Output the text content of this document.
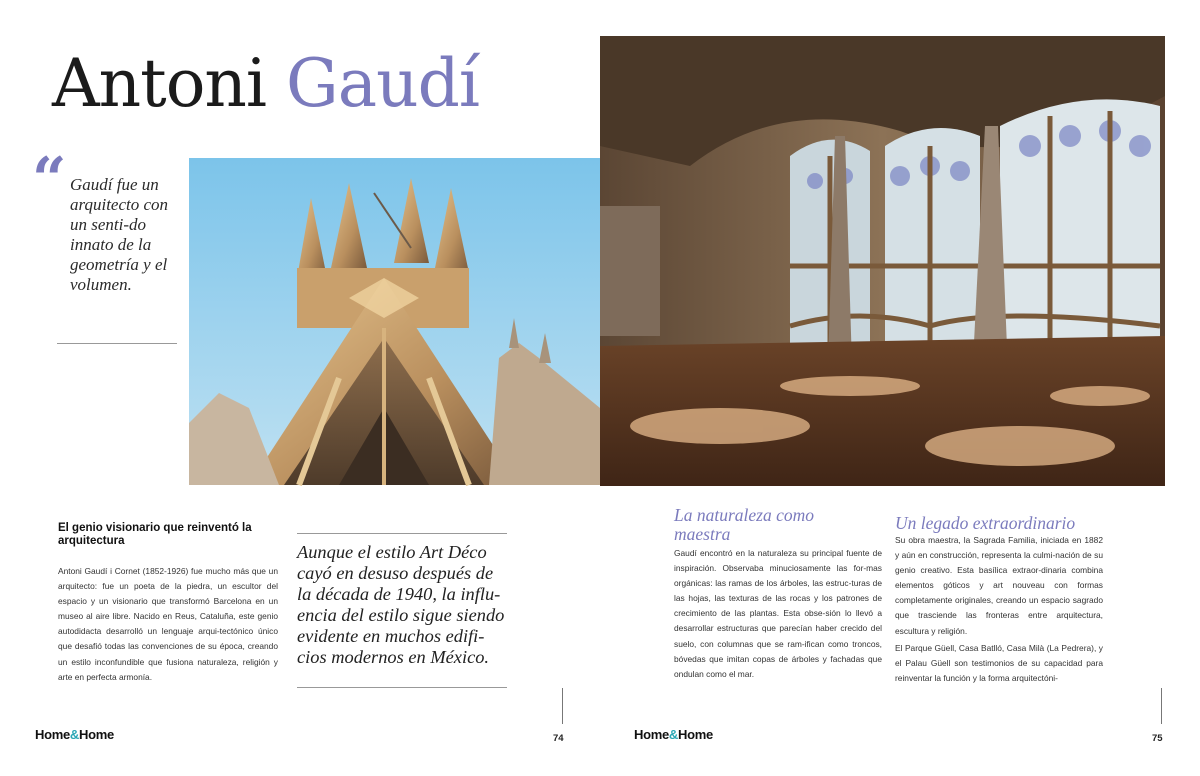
Antoni Gaudí
“ Gaudí fue un arquitecto con un senti-do innato de la geometría y el volumen.
El genio visionario que reinventó la arquitectura
Antoni Gaudí i Cornet (1852-1926) fue mucho más que un arquitecto: fue un poeta de la piedra, un escultor del espacio y un visionario que transformó Barcelona en un museo al aire libre. Nacido en Reus, Cataluña, este genio autodidacta desarrolló un lenguaje arqui-tectónico único que desafió todas las convenciones de su época, creando un estilo inconfundible que fusiona naturaleza, religión y arte en perfecta armonía.
Aunque el estilo Art Déco cayó en desuso después de la década de 1940, la influ-encia del estilo sigue siendo evidente en muchos edifi-cios modernos en México.
La naturaleza como maestra
Gaudí encontró en la naturaleza su principal fuente de inspiración. Observaba minuciosamente las for-mas orgánicas: las ramas de los árboles, las estruc-turas de las hojas, las texturas de las rocas y los patrones de crecimiento de las plantas. Esta obse-sión lo llevó a desarrollar estructuras que parecían haber crecido del suelo, con columnas que se ram-ifican como troncos, bóvedas que imitan copas de árboles y fachadas que ondulan como el mar.
Un legado extraordinario

Su obra maestra, la Sagrada Familia, iniciada en 1882 y aún en construcción, representa la culmi-nación de su genio creativo. Esta basílica extraor-dinaria combina elementos góticos y art nouveau con formas completamente originales, creando un espacio sagrado que trasciende las fronteras entre arquitectura, escultura y religión.

El Parque Güell, Casa Batlló, Casa Milà (La Pedrera), y el Palau Güell son testimonios de su capacidad para reinventar la función y la forma arquitectóni-

Home&Home	74	Home&Home	75
